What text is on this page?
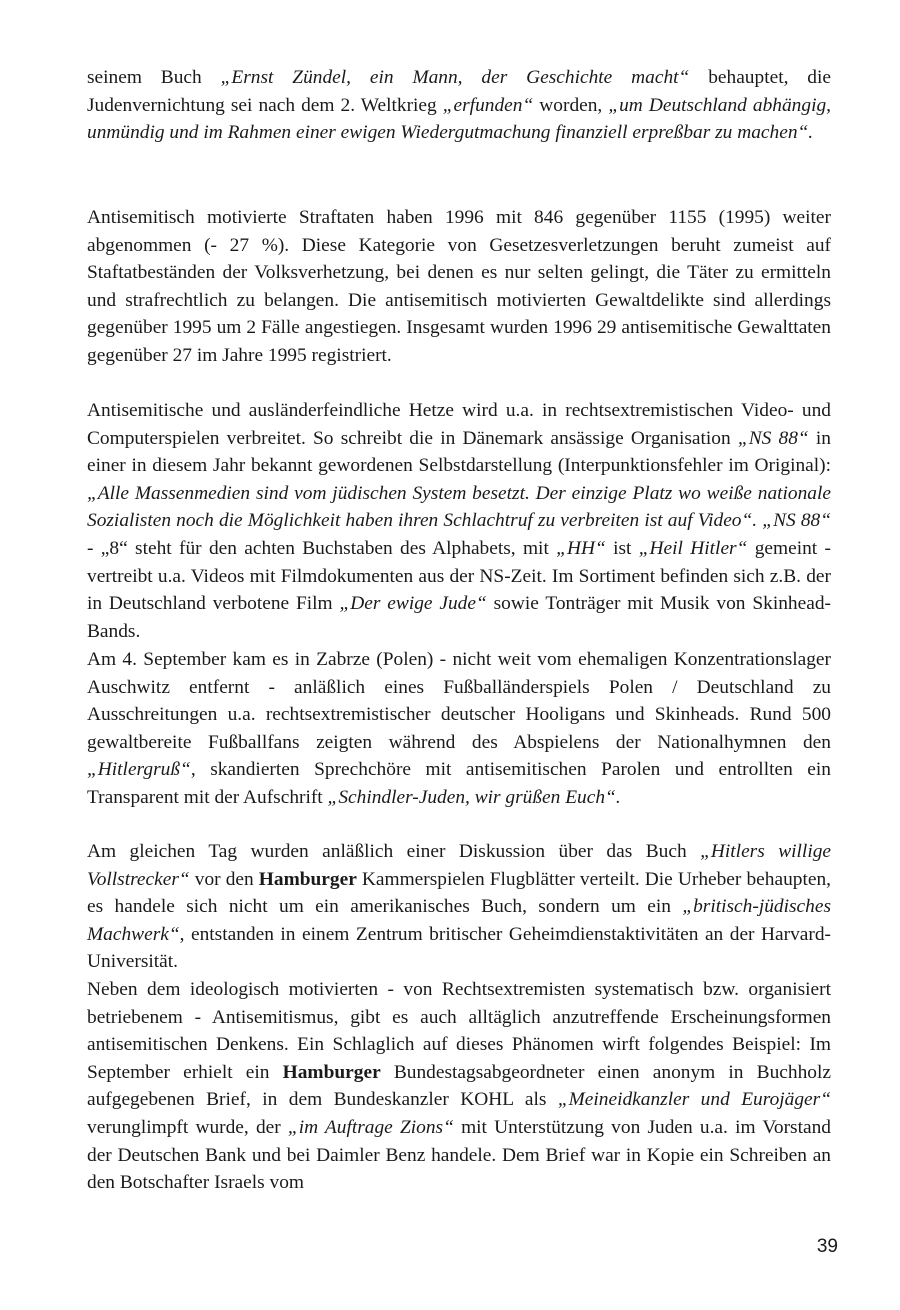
seinem Buch „Ernst Zündel, ein Mann, der Geschichte macht“ behauptet, die Judenvernichtung sei nach dem 2. Weltkrieg „erfunden“ worden, „um Deutschland abhängig, unmündig und im Rahmen einer ewigen Wiedergutmachung finanziell erpreßbar zu machen“.

Antisemitisch motivierte Straftaten haben 1996 mit 846 gegenüber 1155 (1995) weiter abgenommen (- 27 %). Diese Kategorie von Gesetzesverletzungen beruht zumeist auf Staftatbeständen der Volksverhetzung, bei denen es nur selten gelingt, die Täter zu ermitteln und strafrechtlich zu belangen. Die antisemitisch motivierten Gewaltdelikte sind allerdings gegenüber 1995 um 2 Fälle angestiegen. Insgesamt wurden 1996 29 antisemitische Gewalttaten gegenüber 27 im Jahre 1995 registriert.

Antisemitische und ausländerfeindliche Hetze wird u.a. in rechtsextremistischen Video- und Computerspielen verbreitet. So schreibt die in Dänemark ansässige Organisation „NS 88“ in einer in diesem Jahr bekannt gewordenen Selbstdarstellung (Interpunktionsfehler im Original): „Alle Massenmedien sind vom jüdischen System besetzt. Der einzige Platz wo weiße nationale Sozialisten noch die Möglichkeit haben ihren Schlachtruf zu verbreiten ist auf Video“. „NS 88“ - „8“ steht für den achten Buchstaben des Alphabets, mit „HH“ ist „Heil Hitler“ gemeint - vertreibt u.a. Videos mit Filmdokumenten aus der NS-Zeit. Im Sortiment befinden sich z.B. der in Deutschland verbotene Film „Der ewige Jude“ sowie Tonträger mit Musik von Skinhead-Bands.

Am 4. September kam es in Zabrze (Polen) - nicht weit vom ehemaligen Konzentrationslager Auschwitz entfernt - anläßlich eines Fußballänderspiels Polen / Deutschland zu Ausschreitungen u.a. rechtsextremistischer deutscher Hooligans und Skinheads. Rund 500 gewaltbereite Fußballfans zeigten während des Abspielens der Nationalhymnen den „Hitlergruß“, skandierten Sprechchöre mit antisemitischen Parolen und entrollten ein Transparent mit der Aufschrift „Schindler-Juden, wir grüßen Euch“.

Am gleichen Tag wurden anläßlich einer Diskussion über das Buch „Hitlers willige Vollstrecker“ vor den Hamburger Kammerspielen Flugblätter verteilt. Die Urheber behaupten, es handele sich nicht um ein amerikanisches Buch, sondern um ein „britisch-jüdisches Machwerk“, entstanden in einem Zentrum britischer Geheimdienstaktivitäten an der Harvard-Universität.

Neben dem ideologisch motivierten - von Rechtsextremisten systematisch bzw. organisiert betriebenem - Antisemitismus, gibt es auch alltäglich anzutreffende Erscheinungsformen antisemitischen Denkens. Ein Schlaglich auf dieses Phänomen wirft folgendes Beispiel: Im September erhielt ein Hamburger Bundestagsabgeordneter einen anonym in Buchholz aufgegebenen Brief, in dem Bundeskanzler KOHL als „Meineidkanzler und Eurojäger“ verunglimpft wurde, der „im Auftrage Zions“ mit Unterstützung von Juden u.a. im Vorstand der Deutschen Bank und bei Daimler Benz handele. Dem Brief war in Kopie ein Schreiben an den Botschafter Israels vom

39
